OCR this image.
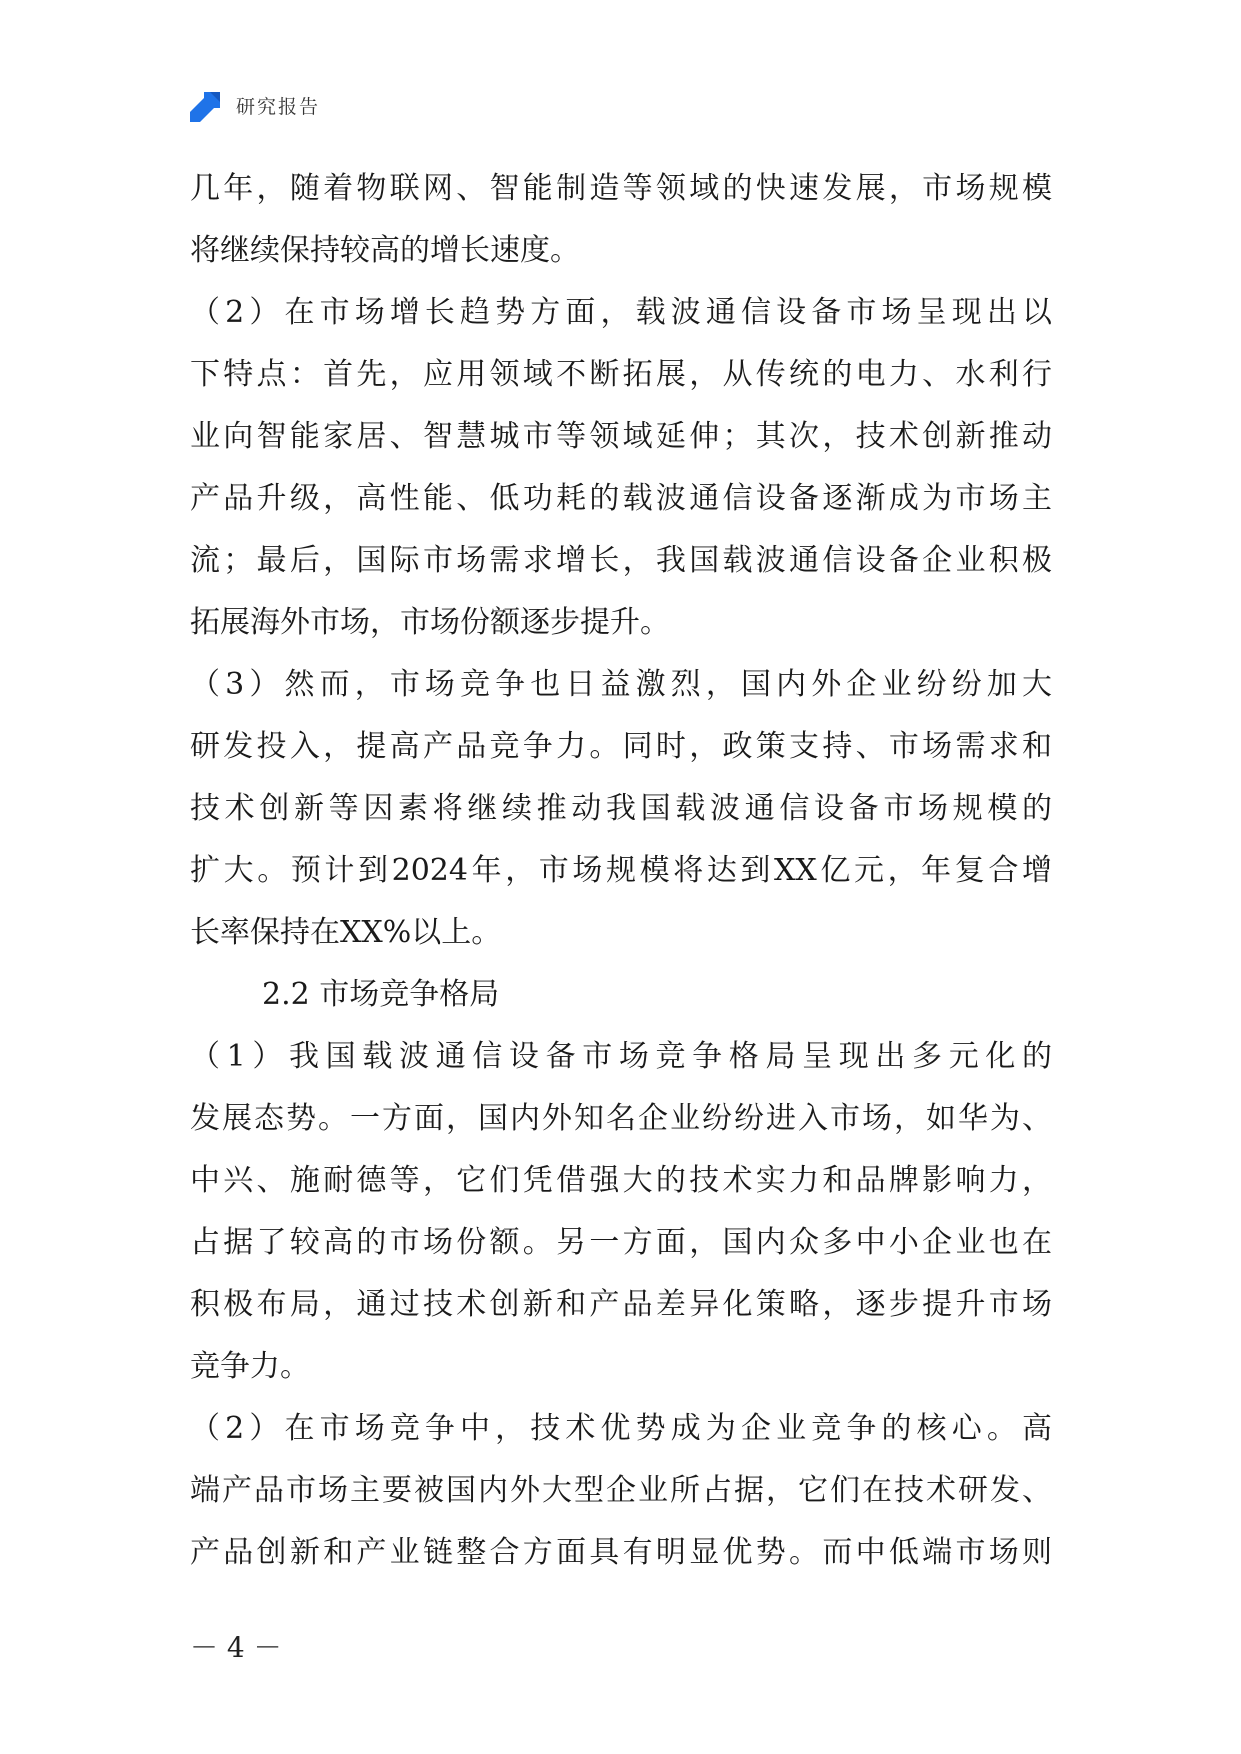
研究报告
几年，随着物联网、智能制造等领域的快速发展，市场规模
将继续保持较高的增长速度。
（2）在市场增长趋势方面，载波通信设备市场呈现出以
下特点：首先，应用领域不断拓展，从传统的电力、水利行
业向智能家居、智慧城市等领域延伸；其次，技术创新推动
产品升级，高性能、低功耗的载波通信设备逐渐成为市场主
流；最后，国际市场需求增长，我国载波通信设备企业积极
拓展海外市场，市场份额逐步提升。
（3）然而，市场竞争也日益激烈，国内外企业纷纷加大
研发投入，提高产品竞争力。同时，政策支持、市场需求和
技术创新等因素将继续推动我国载波通信设备市场规模的
扩大。预计到2024年，市场规模将达到XX亿元，年复合增
长率保持在XX%以上。
2.2 市场竞争格局
（1）我国载波通信设备市场竞争格局呈现出多元化的
发展态势。一方面，国内外知名企业纷纷进入市场，如华为、
中兴、施耐德等，它们凭借强大的技术实力和品牌影响力，
占据了较高的市场份额。另一方面，国内众多中小企业也在
积极布局，通过技术创新和产品差异化策略，逐步提升市场
竞争力。
（2）在市场竞争中，技术优势成为企业竞争的核心。高
端产品市场主要被国内外大型企业所占据，它们在技术研发、
产品创新和产业链整合方面具有明显优势。而中低端市场则
－ 4 －
